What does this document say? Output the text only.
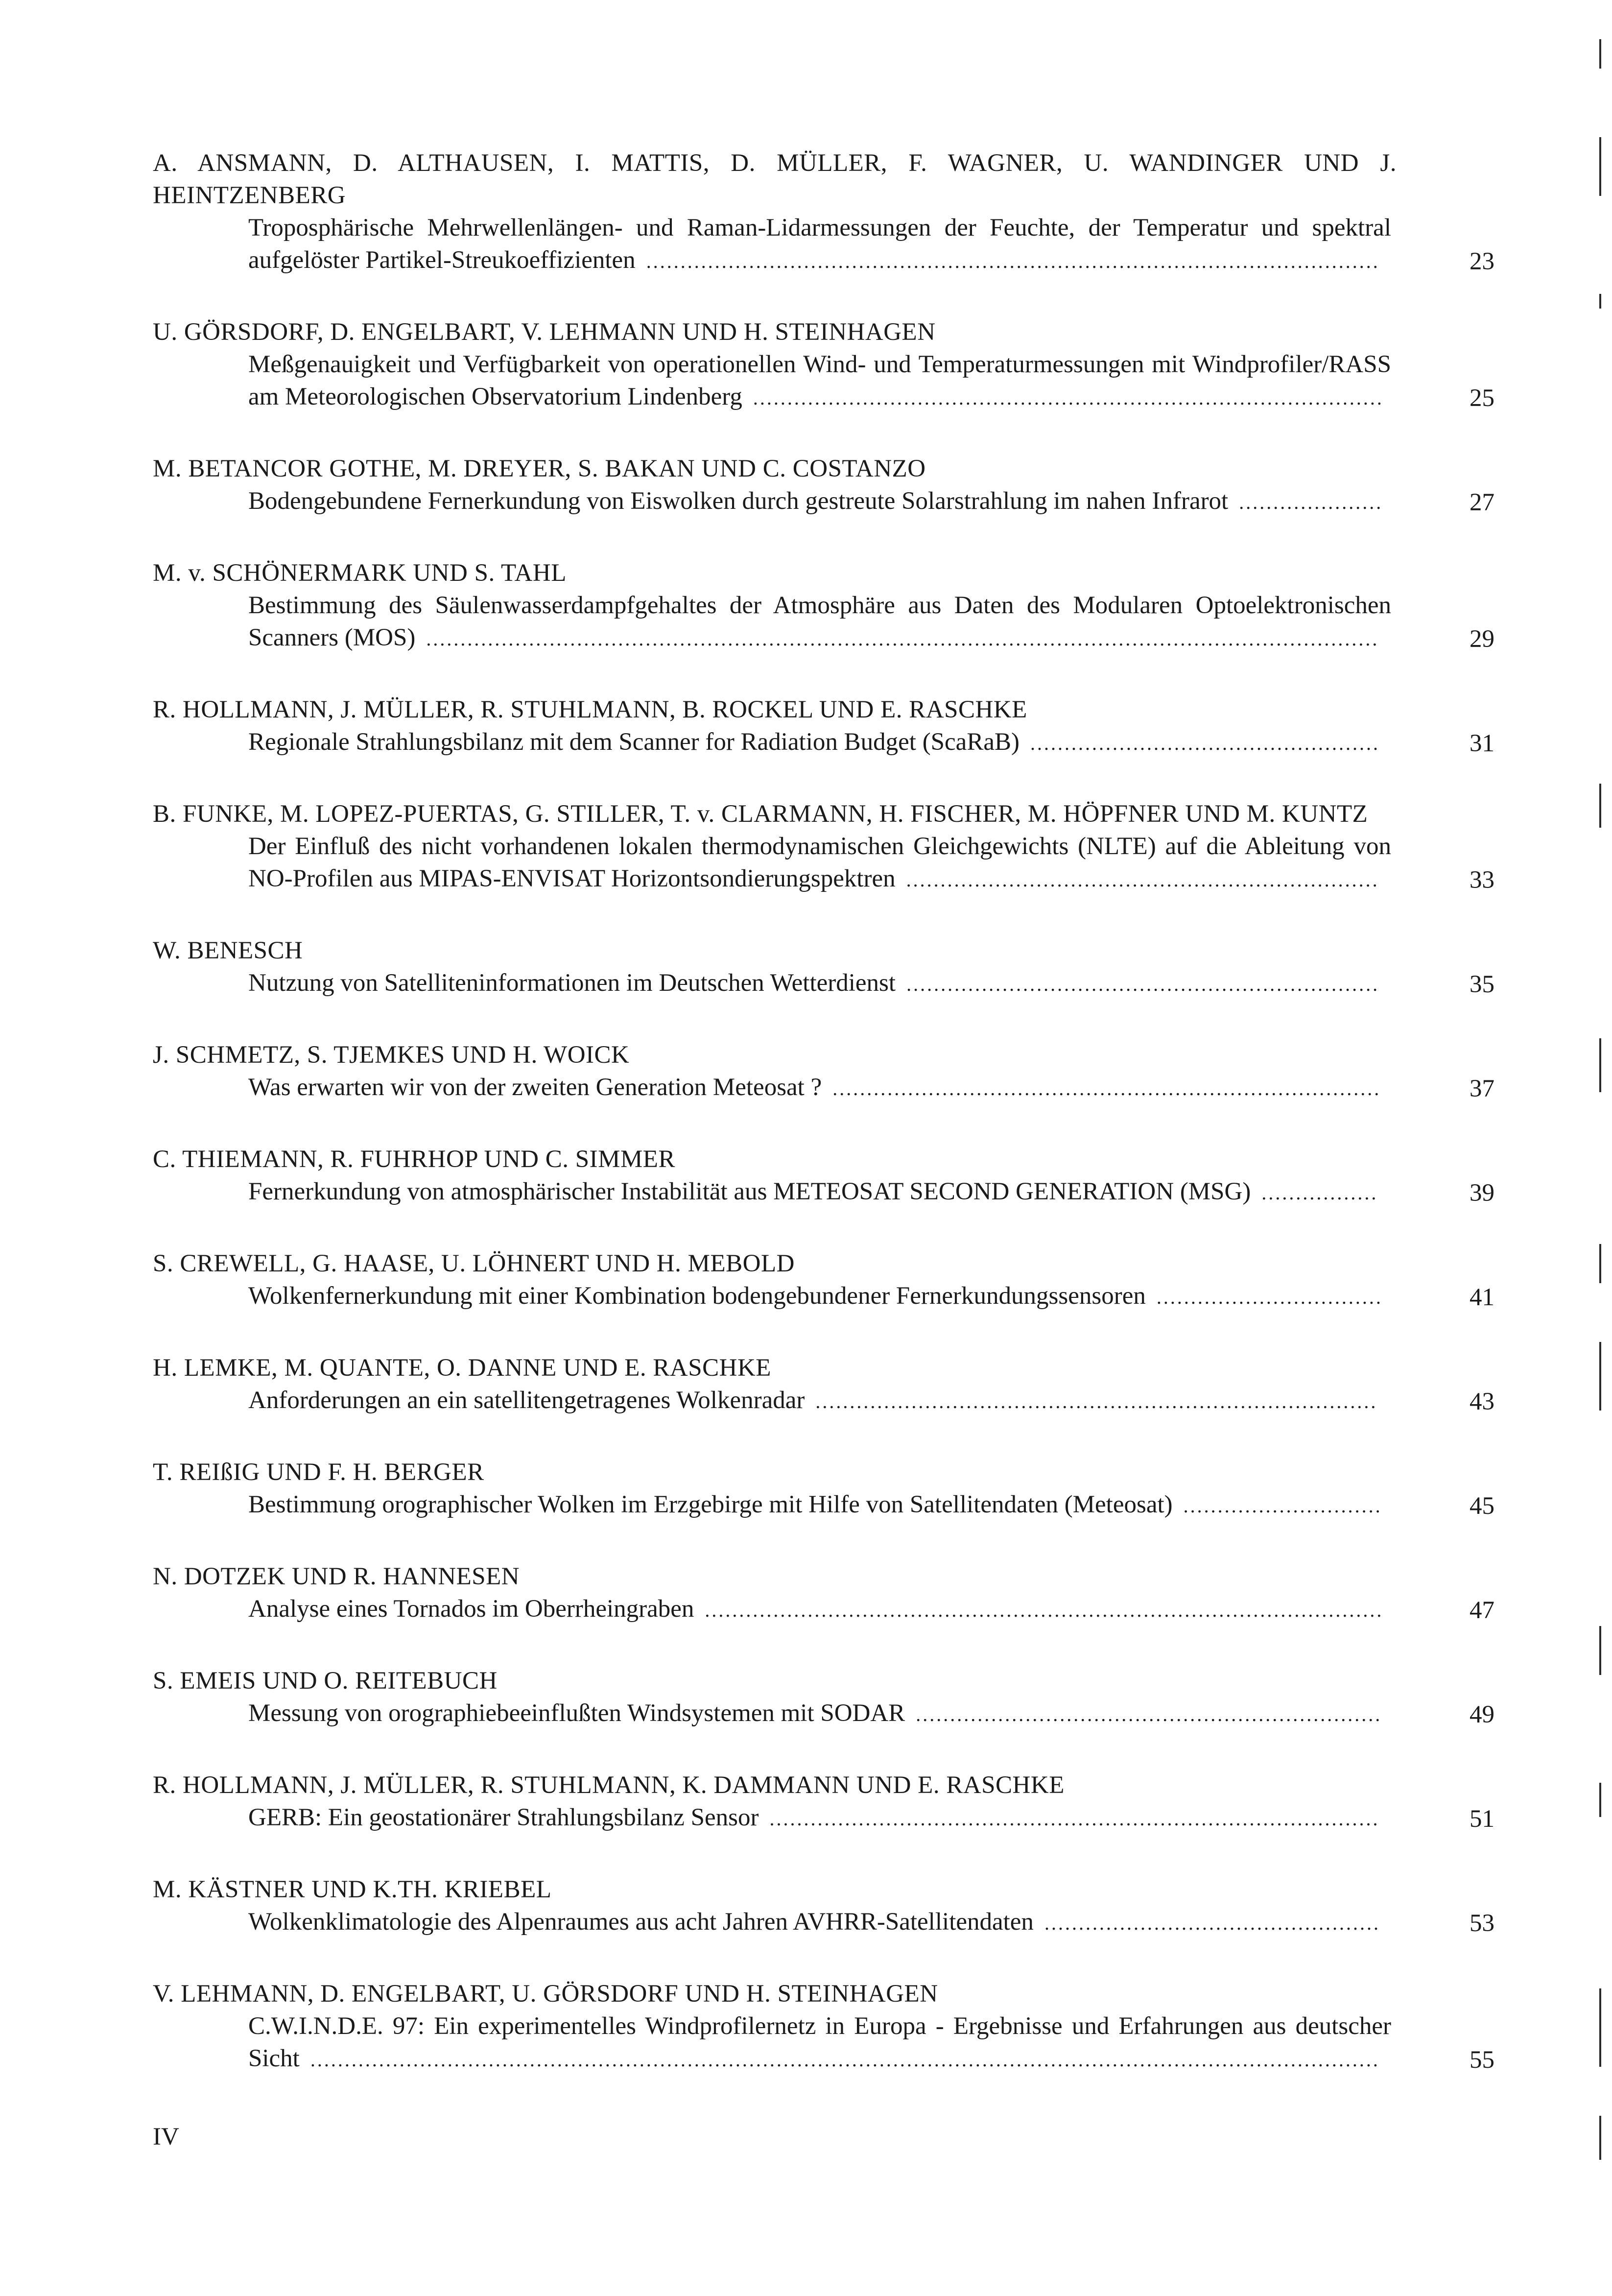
A. ANSMANN, D. ALTHAUSEN, I. MATTIS, D. MÜLLER, F. WAGNER, U. WANDINGER UND J. HEINTZENBERG
Troposphärische Mehrwellenlängen- und Raman-Lidarmessungen der Feuchte, der Temperatur und spektral aufgelöster Partikel-Streukoeffizienten ...........................................................................................................	23
U. GÖRSDORF, D. ENGELBART, V. LEHMANN UND H. STEINHAGEN
Meßgenauigkeit und Verfügbarkeit von operationellen Wind- und Temperaturmessungen mit Windprofiler/RASS am Meteorologischen Observatorium Lindenberg ............................................................................................	25
M. BETANCOR GOTHE, M. DREYER, S. BAKAN UND C. COSTANZO
Bodengebundene Fernerkundung von Eiswolken durch gestreute Solarstrahlung im nahen Infrarot .....................	27
M. v. SCHÖNERMARK UND S. TAHL
Bestimmung des Säulenwasserdampfgehaltes der Atmosphäre aus Daten des Modularen Optoelektronischen Scanners (MOS) ...........................................................................................................................................	29
R. HOLLMANN, J. MÜLLER, R. STUHLMANN, B. ROCKEL UND E. RASCHKE
Regionale Strahlungsbilanz mit dem Scanner for Radiation Budget (ScaRaB) ...................................................	31
B. FUNKE, M. LOPEZ-PUERTAS, G. STILLER, T. v. CLARMANN, H. FISCHER, M. HÖPFNER UND M. KUNTZ
Der Einfluß des nicht vorhandenen lokalen thermodynamischen Gleichgewichts (NLTE) auf die Ableitung von NO-Profilen aus MIPAS-ENVISAT Horizontsondierungspektren .....................................................................	33
W. BENESCH
Nutzung von Satelliteninformationen im Deutschen Wetterdienst .....................................................................	35
J. SCHMETZ, S. TJEMKES UND H. WOICK
Was erwarten wir von der zweiten Generation Meteosat ? ................................................................................	37
C. THIEMANN, R. FUHRHOP UND C. SIMMER
Fernerkundung von atmosphärischer Instabilität aus METEOSAT SECOND GENERATION (MSG) .................	39
S. CREWELL, G. HAASE, U. LÖHNERT UND H. MEBOLD
Wolkenfernerkundung mit einer Kombination bodengebundener Fernerkundungssensoren .................................	41
H. LEMKE, M. QUANTE, O. DANNE UND E. RASCHKE
Anforderungen an ein satellitengetragenes Wolkenradar ..................................................................................	43
T. REIßIG UND F. H. BERGER
Bestimmung orographischer Wolken im Erzgebirge mit Hilfe von Satellitendaten (Meteosat) .............................	45
N. DOTZEK UND R. HANNESEN
Analyse eines Tornados im Oberrheingraben ...................................................................................................	47
S. EMEIS UND O. REITEBUCH
Messung von orographiebeeinflußten Windsystemen mit SODAR ....................................................................	49
R. HOLLMANN, J. MÜLLER, R. STUHLMANN, K. DAMMANN UND E. RASCHKE
GERB: Ein geostationärer Strahlungsbilanz Sensor .........................................................................................	51
M. KÄSTNER UND K.TH. KRIEBEL
Wolkenklimatologie des Alpenraumes aus acht Jahren AVHRR-Satellitendaten .................................................	53
V. LEHMANN, D. ENGELBART, U. GÖRSDORF UND H. STEINHAGEN
C.W.I.N.D.E. 97: Ein experimentelles Windprofilernetz in Europa - Ergebnisse und Erfahrungen aus deutscher Sicht ............................................................................................................................................................	55
IV
